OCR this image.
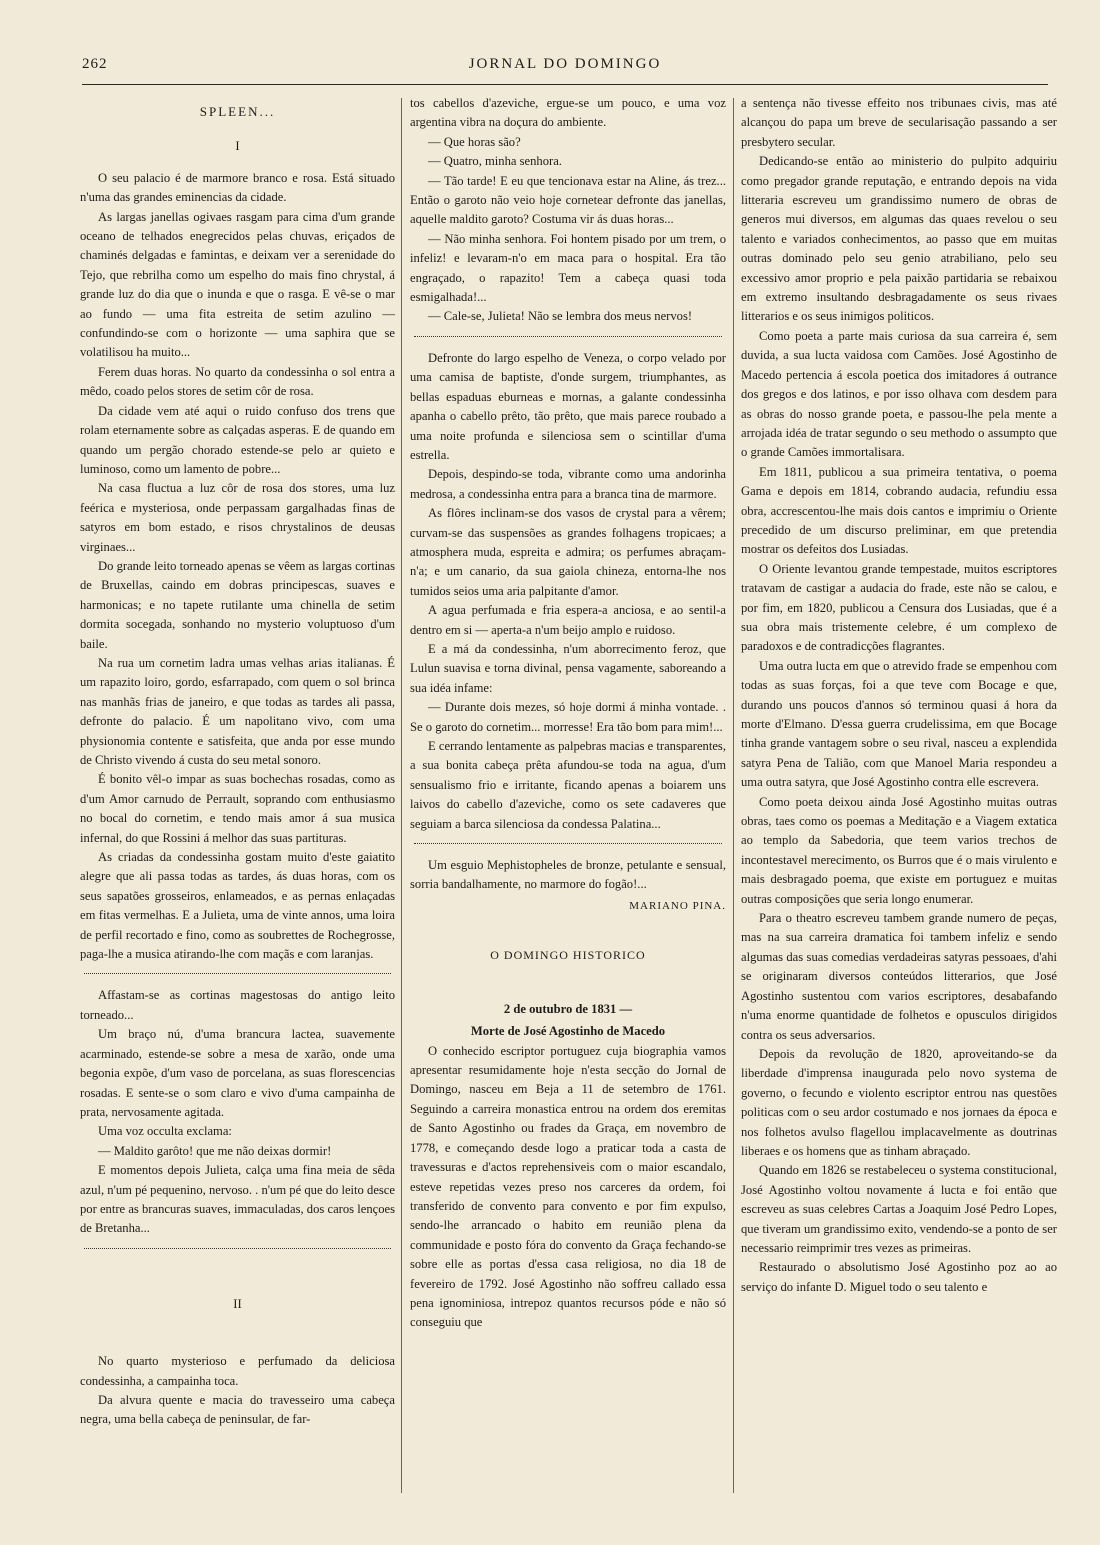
262	JORNAL DO DOMINGO
SPLEEN...
I

O seu palacio é de marmore branco e rosa. Está situado n'uma das grandes eminencias da cidade.

As largas janellas ogivaes rasgam para cima d'um grande oceano de telhados enegrecidos pelas chuvas, eriçados de chaminés delgadas e famintas, e deixam ver a serenidade do Tejo, que rebrilha como um espelho do mais fino chrystal, á grande luz do dia que o inunda e que o rasga. E vê-se o mar ao fundo — uma fita estreita de setim azulino — confundindo-se com o horizonte — uma saphira que se volatilisou ha muito...

Ferem duas horas. No quarto da condessinha o sol entra a mêdo, coado pelos stores de setim côr de rosa.

Da cidade vem até aqui o ruido confuso dos trens que rolam eternamente sobre as calçadas asperas. E de quando em quando um pergão chorado estende-se pelo ar quieto e luminoso, como um lamento de pobre...

Na casa fluctua a luz côr de rosa dos stores, uma luz feérica e mysteriosa, onde perpassam gargalhadas finas de satyros em bom estado, e risos chrystalinos de deusas virginaes...

Do grande leito torneado apenas se vêem as largas cortinas de Bruxellas, caindo em dobras principescas, suaves e harmonicas; e no tapete rutilante uma chinella de setim dormita socegada, sonhando no mysterio voluptuoso d'um baile.

Na rua um cornetim ladra umas velhas arias italianas. É um rapazito loiro, gordo, esfarrapado, com quem o sol brinca nas manhãs frias de janeiro, e que todas as tardes ali passa, defronte do palacio. É um napolitano vivo, com uma physionomia contente e satisfeita, que anda por esse mundo de Christo vivendo á custa do seu metal sonoro.

É bonito vêl-o impar as suas bochechas rosadas, como as d'um Amor carnudo de Perrault, soprando com enthusiasmo no bocal do cornetim, e tendo mais amor á sua musica infernal, do que Rossini á melhor das suas partituras.

As criadas da condessinha gostam muito d'este gaiatito alegre que ali passa todas as tardes, ás duas horas, com os seus sapatões grosseiros, enlameados, e as pernas enlaçadas em fitas vermelhas. E a Julieta, uma de vinte annos, uma loira de perfil recortado e fino, como as soubrettes de Rochegrosse, paga-lhe a musica atirando-lhe com maçãs e com laranjas.

Affastam-se as cortinas magestosas do antigo leito torneado...

Um braço nú, d'uma brancura lactea, suavemente acarminado, estende-se sobre a mesa de xarão, onde uma begonia expõe, d'um vaso de porcelana, as suas florescencias rosadas. E sente-se o som claro e vivo d'uma campainha de prata, nervosamente agitada.

Uma voz occulta exclama:

— Maldito garôto! que me não deixas dormir!

E momentos depois Julieta, calça uma fina meia de sêda azul, n'um pé pequenino, nervoso. . n'um pé que do leito desce por entre as brancuras suaves, immaculadas, dos caros lençoes de Bretanha...

II

No quarto mysterioso e perfumado da deliciosa condessinha, a campainha toca.

Da alvura quente e macia do travesseiro uma cabeça negra, uma bella cabeça de peninsular, de far-

tos cabellos d'azeviche, ergue-se um pouco, e uma voz argentina vibra na doçura do ambiente.

— Que horas são?

— Quatro, minha senhora.

— Tão tarde! E eu que tencionava estar na Aline, ás trez... Então o garoto não veio hoje cornetear defronte das janellas, aquelle maldito garoto? Costuma vir ás duas horas...

— Não minha senhora. Foi hontem pisado por um trem, o infeliz! e levaram-n'o em maca para o hospital. Era tão engraçado, o rapazito! Tem a cabeça quasi toda esmigalhada!...

— Cale-se, Julieta! Não se lembra dos meus nervos!

Defronte do largo espelho de Veneza, o corpo velado por uma camisa de baptiste, d'onde surgem, triumphantes, as bellas espaduas eburneas e mornas, a galante condessinha apanha o cabello prêto, tão prêto, que mais parece roubado a uma noite profunda e silenciosa sem o scintillar d'uma estrella.

Depois, despindo-se toda, vibrante como uma andorinha medrosa, a condessinha entra para a branca tina de marmore.

As flôres inclinam-se dos vasos de crystal para a vêrem; curvam-se das suspensões as grandes folhagens tropicaes; a atmosphera muda, espreita e admira; os perfumes abraçam-n'a; e um canario, da sua gaiola chineza, entorna-lhe nos tumidos seios uma aria palpitante d'amor.

A agua perfumada e fria espera-a anciosa, e ao sentil-a dentro em si — aperta-a n'um beijo amplo e ruidoso.

E a má da condessinha, n'um aborrecimento feroz, que Lulun suavisa e torna divinal, pensa vagamente, saboreando a sua idéa infame:

— Durante dois mezes, só hoje dormi á minha vontade. . Se o garoto do cornetim... morresse! Era tão bom para mim!...

E cerrando lentamente as palpebras macias e transparentes, a sua bonita cabeça prêta afundou-se toda na agua, d'um sensualismo frio e irritante, ficando apenas a boiarem uns laivos do cabello d'azeviche, como os sete cadaveres que seguiam a barca silenciosa da condessa Palatina...

Um esguio Mephistopheles de bronze, petulante e sensual, sorria bandalhamente, no marmore do fogão!...

MARIANO PINA.
O DOMINGO HISTORICO
2 de outubro de 1831 —
Morte de José Agostinho de Macedo

O conhecido escriptor portuguez cuja biographia vamos apresentar resumidamente hoje n'esta secção do Jornal de Domingo, nasceu em Beja a 11 de setembro de 1761. Seguindo a carreira monastica entrou na ordem dos eremitas de Santo Agostinho ou frades da Graça, em novembro de 1778, e começando desde logo a praticar toda a casta de travessuras e d'actos reprehensiveis com o maior escandalo, esteve repetidas vezes preso nos carceres da ordem, foi transferido de convento para convento e por fim expulso, sendo-lhe arrancado o habito em reunião plena da communidade e posto fóra do convento da Graça fechando-se sobre elle as portas d'essa casa religiosa, no dia 18 de fevereiro de 1792. José Agostinho não soffreu callado essa pena ignominiosa, intrepoz quantos recursos póde e não só conseguiu que

a sentença não tivesse effeito nos tribunaes civis, mas até alcançou do papa um breve de secularisação passando a ser presbytero secular.

Dedicando-se então ao ministerio do pulpito adquiriu como pregador grande reputação, e entrando depois na vida litteraria escreveu um grandissimo numero de obras de generos mui diversos, em algumas das quaes revelou o seu talento e variados conhecimentos, ao passo que em muitas outras dominado pelo seu genio atrabiliano, pelo seu excessivo amor proprio e pela paixão partidaria se rebaixou em extremo insultando desbragadamente os seus rivaes litterarios e os seus inimigos politicos.

Como poeta a parte mais curiosa da sua carreira é, sem duvida, a sua lucta vaidosa com Camões. José Agostinho de Macedo pertencia á escola poetica dos imitadores á outrance dos gregos e dos latinos, e por isso olhava com desdem para as obras do nosso grande poeta, e passou-lhe pela mente a arrojada idéa de tratar segundo o seu methodo o assumpto que o grande Camões immortalisara.

Em 1811, publicou a sua primeira tentativa, o poema Gama e depois em 1814, cobrando audacia, refundiu essa obra, accrescentou-lhe mais dois cantos e imprimiu o Oriente precedido de um discurso preliminar, em que pretendia mostrar os defeitos dos Lusiadas.

O Oriente levantou grande tempestade, muitos escriptores tratavam de castigar a audacia do frade, este não se calou, e por fim, em 1820, publicou a Censura dos Lusiadas, que é a sua obra mais tristemente celebre, é um complexo de paradoxos e de contradicções flagrantes.

Uma outra lucta em que o atrevido frade se empenhou com todas as suas forças, foi a que teve com Bocage e que, durando uns poucos d'annos só terminou quasi á hora da morte d'Elmano. D'essa guerra crudelissima, em que Bocage tinha grande vantagem sobre o seu rival, nasceu a explendida satyra Pena de Talião, com que Manoel Maria respondeu a uma outra satyra, que José Agostinho contra elle escrevera.

Como poeta deixou ainda José Agostinho muitas outras obras, taes como os poemas a Meditação e a Viagem extatica ao templo da Sabedoria, que teem varios trechos de incontestavel merecimento, os Burros que é o mais virulento e mais desbragado poema, que existe em portuguez e muitas outras composições que seria longo enumerar.

Para o theatro escreveu tambem grande numero de peças, mas na sua carreira dramatica foi tambem infeliz e sendo algumas das suas comedias verdadeiras satyras pessoaes, d'ahi se originaram diversos conteúdos litterarios, que José Agostinho sustentou com varios escriptores, desabafando n'uma enorme quantidade de folhetos e opusculos dirigidos contra os seus adversarios.

Depois da revolução de 1820, aproveitando-se da liberdade d'imprensa inaugurada pelo novo systema de governo, o fecundo e violento escriptor entrou nas questões politicas com o seu ardor costumado e nos jornaes da época e nos folhetos avulso flagellou implacavelmente as doutrinas liberaes e os homens que as tinham abraçado.

Quando em 1826 se restabeleceu o systema constitucional, José Agostinho voltou novamente á lucta e foi então que escreveu as suas celebres Cartas a Joaquim José Pedro Lopes, que tiveram um grandissimo exito, vendendo-se a ponto de ser necessario reimprimir tres vezes as primeiras.

Restaurado o absolutismo José Agostinho poz ao ao serviço do infante D. Miguel todo o seu talento e
